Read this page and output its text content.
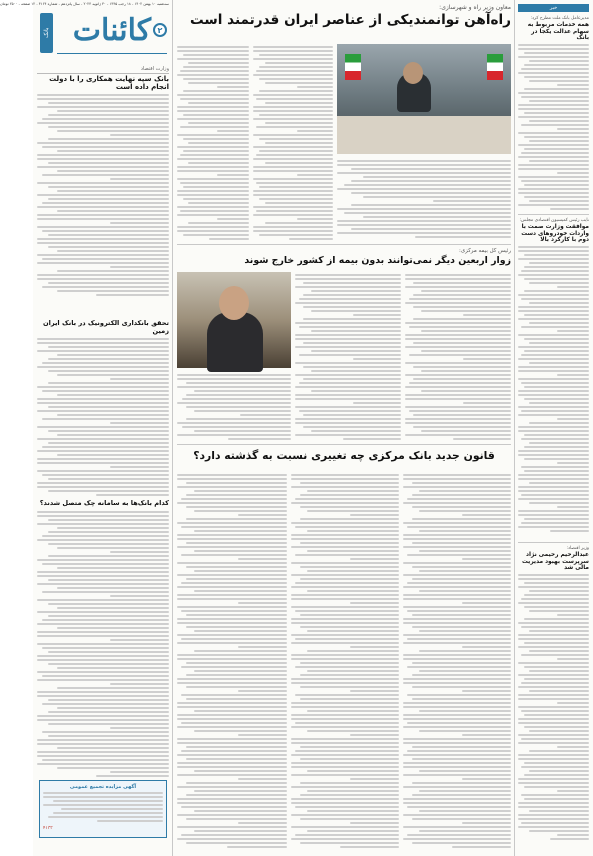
سه‌شنبه ۱۰ بهمن ۱۴۰۲ - ۱۸ رجب ۱۴۴۵ - ۳۰ ژانویه ۲۰۲۴ - سال پانزدهم - شماره ۳۱۶۴ - ۱۲ صفحه - ۲۵۰۰ تومان
کائنات ۲
بانک
وزارت اقتصاد
بانک سپه نهایت همکاری را با دولت انجام داده است
تحقق بانکداری الکترونیک در بانک ایران زمین
کدام بانک‌ها به سامانه چک متصل شدند؟
آگهی مزایده تجمیع عمومی
۴۱۳۳
معاون وزیر راه و شهرسازی:
راه‌آهن توانمندیکی از عناصر ایران قدرتمند است
رئیس کل بیمه مرکزی:
زوار اربعین دیگر نمی‌توانند بدون بیمه از کشور خارج شوند
قانون جدید بانک مرکزی چه تغییری نسبت به گذشته دارد؟
خبر
مدیرعامل بانک ملت مطرح کرد:
همه خدمات مربوط به سهام عدالت یکجا در بانک
نایب رئیس کمیسیون اقتصادی مجلس:
موافقت وزارت صمت با واردات خودروهای دست دوم با کارکرد بالا
وزیر اقتصاد:
عبدالرحیم رحیمی نژاد سرپرست بهبود مدیریت مالی شد
